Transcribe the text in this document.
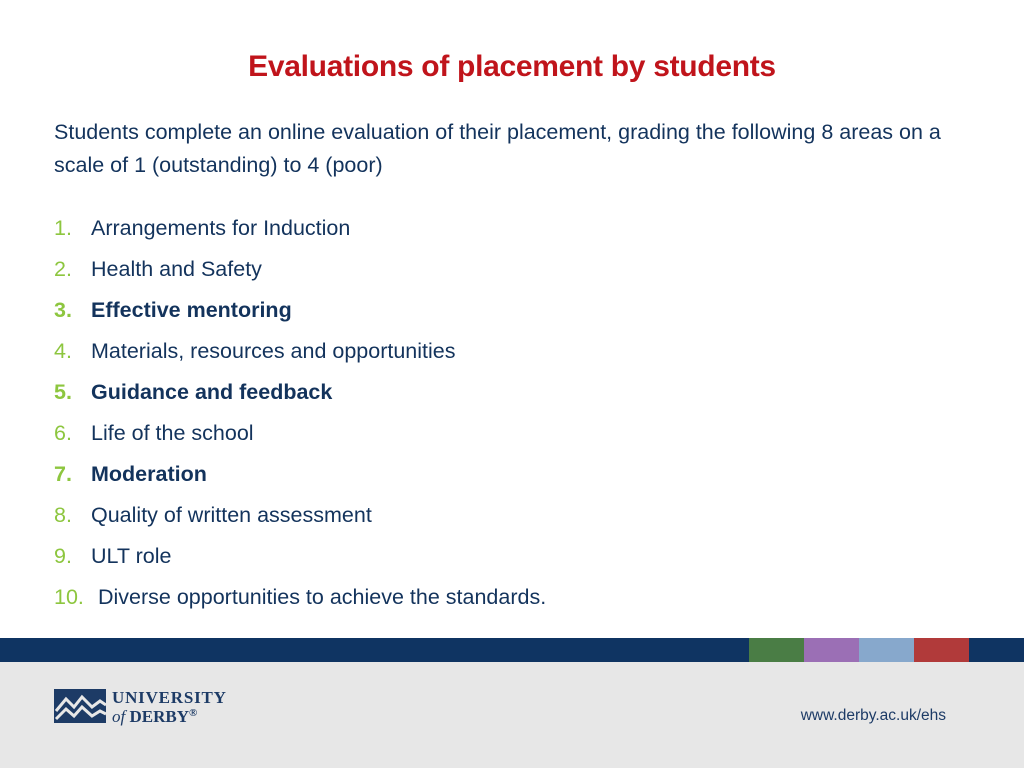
Evaluations of placement by students
Students complete an online evaluation of their placement, grading the following 8 areas on a scale of 1 (outstanding) to 4 (poor)
1. Arrangements for Induction
2. Health and Safety
3. Effective mentoring
4. Materials, resources and opportunities
5. Guidance and feedback
6. Life of the school
7. Moderation
8. Quality of written assessment
9. ULT role
10. Diverse opportunities to achieve the standards.
UNIVERSITY
of DERBY®	www.derby.ac.uk/ehs
